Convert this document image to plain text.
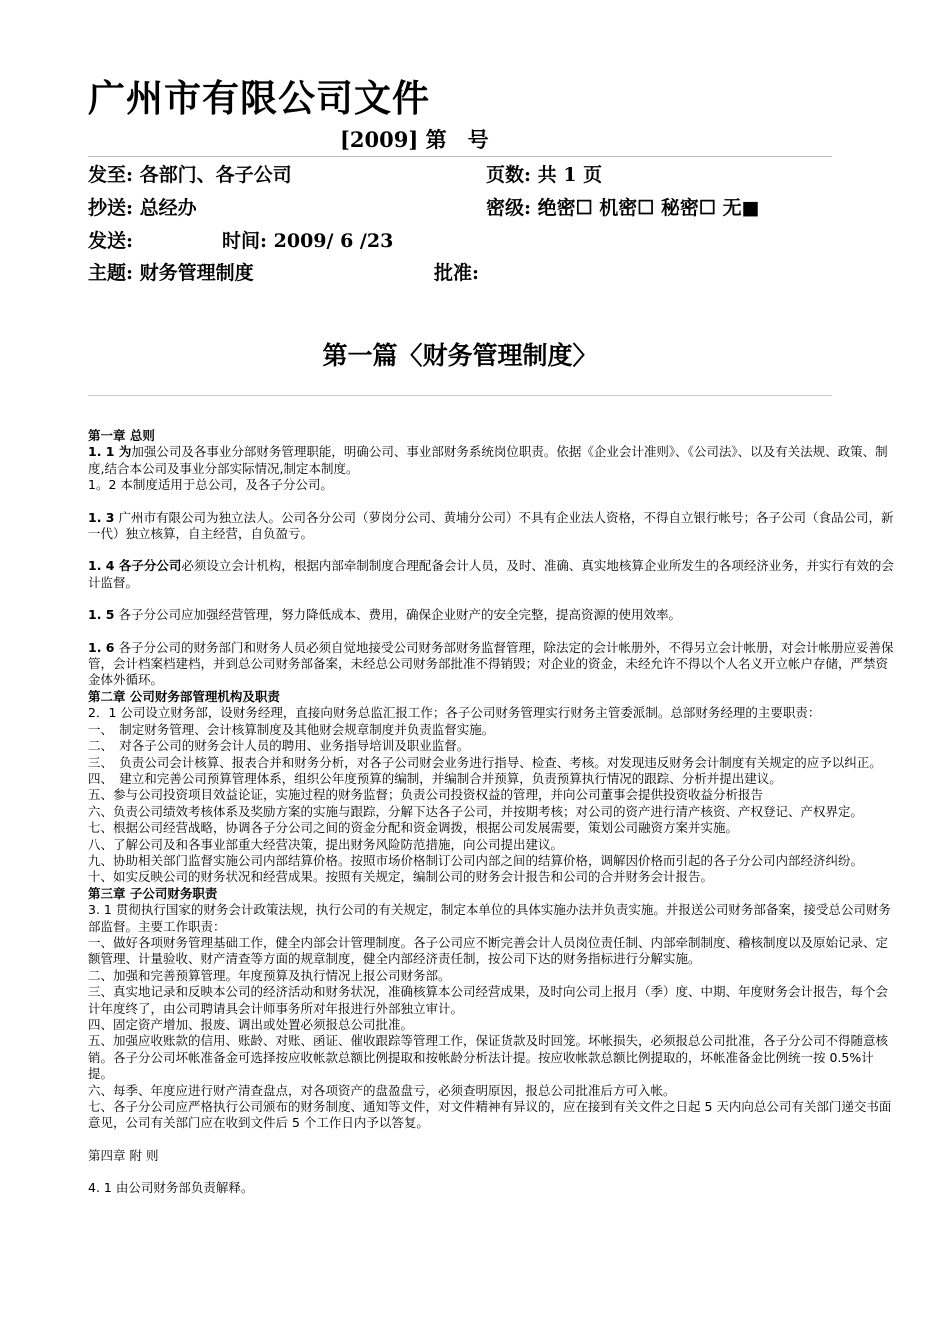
广州市有限公司文件
[2009] 第　号
发至: 各部门、各子公司	页数: 共 1 页
抄送: 总经办	密级: 绝密☐ 机密☐ 秘密☐ 无■
发送:	时间: 2009/ 6 /23
主题: 财务管理制度	批准:
第一篇〈财务管理制度〉

第一章 总则

1. 1 为加强公司及各事业分部财务管理职能，明确公司、事业部财务系统岗位职责。依据《企业会计准则》、《公司法》、以及有关法规、政策、制度,结合本公司及事业分部实际情况,制定本制度。

1。2 本制度适用于总公司，及各子分公司。

1. 3 广州市有限公司为独立法人。公司各分公司（萝岗分公司、黄埔分公司）不具有企业法人资格，不得自立银行帐号；各子公司（食品公司，新一代）独立核算，自主经营，自负盈亏。

1. 4 各子分公司必须设立会计机构，根据内部牵制制度合理配备会计人员，及时、准确、真实地核算企业所发生的各项经济业务，并实行有效的会计监督。

1. 5 各子分公司应加强经营管理，努力降低成本、费用，确保企业财产的安全完整，提高资源的使用效率。

1. 6 各子分公司的财务部门和财务人员必须自觉地接受公司财务部财务监督管理，除法定的会计帐册外，不得另立会计帐册，对会计帐册应妥善保管，会计档案档建档，并到总公司财务部备案，未经总公司财务部批准不得销毁；对企业的资金，未经允许不得以个人名义开立帐户存储，严禁资金体外循环。

第二章 公司财务部管理机构及职责

2．1 公司设立财务部，设财务经理，直接向财务总监汇报工作；各子公司财务管理实行财务主管委派制。总部财务经理的主要职责：

一、　制定财务管理、会计核算制度及其他财会规章制度并负责监督实施。

二、　对各子公司的财务会计人员的聘用、业务指导培训及职业监督。

三、　负责公司会计核算、报表合并和财务分析，对各子公司财会业务进行指导、检查、考核。对发现违反财务会计制度有关规定的应予以纠正。

四、　建立和完善公司预算管理体系，组织公年度预算的编制，并编制合并预算，负责预算执行情况的跟踪、分析并提出建议。

五、参与公司投资项目效益论证，实施过程的财务监督；负责公司投资权益的管理，并向公司董事会提供投资收益分析报告

六、负责公司绩效考核体系及奖励方案的实施与跟踪，分解下达各子公司，并按期考核；对公司的资产进行清产核资、产权登记、产权界定。

七、根据公司经营战略，协调各子分公司之间的资金分配和资金调拨，根据公司发展需要，策划公司融资方案并实施。

八、了解公司及和各事业部重大经营决策，提出财务风险防范措施，向公司提出建议。

九、协助相关部门监督实施公司内部结算价格。按照市场价格制订公司内部之间的结算价格，调解因价格而引起的各子分公司内部经济纠纷。

十、如实反映公司的财务状况和经营成果。按照有关规定，编制公司的财务会计报告和公司的合并财务会计报告。

第三章 子公司财务职责

3. 1 贯彻执行国家的财务会计政策法规，执行公司的有关规定，制定本单位的具体实施办法并负责实施。并报送公司财务部备案，接受总公司财务部监督。主要工作职责：

一、做好各项财务管理基础工作，健全内部会计管理制度。各子公司应不断完善会计人员岗位责任制、内部牵制制度、稽核制度以及原始记录、定额管理、计量验收、财产清查等方面的规章制度，健全内部经济责任制，按公司下达的财务指标进行分解实施。

二、加强和完善预算管理。年度预算及执行情况上报公司财务部。

三、真实地记录和反映本公司的经济活动和财务状况，准确核算本公司经营成果，及时向公司上报月（季）度、中期、年度财务会计报告，每个会计年度终了，由公司聘请具会计师事务所对年报进行外部独立审计。

四、固定资产增加、报废、调出或处置必须报总公司批准。

五、加强应收账款的信用、账龄、对账、函证、催收跟踪等管理工作，保证货款及时回笼。坏帐损失，必须报总公司批准，各子分公司不得随意核销。各子分公司坏帐准备金可选择按应收帐款总额比例提取和按帐龄分析法计提。按应收帐款总额比例提取的，坏帐准备金比例统一按 0.5%计提。

六、每季、年度应进行财产清查盘点，对各项资产的盘盈盘亏，必须查明原因，报总公司批准后方可入帐。

七、各子分公司应严格执行公司颁布的财务制度、通知等文件，对文件精神有异议的，应在接到有关文件之日起 5 天内向总公司有关部门递交书面意见，公司有关部门应在收到文件后 5 个工作日内予以答复。

第四章 附 则

4. 1 由公司财务部负责解释。
